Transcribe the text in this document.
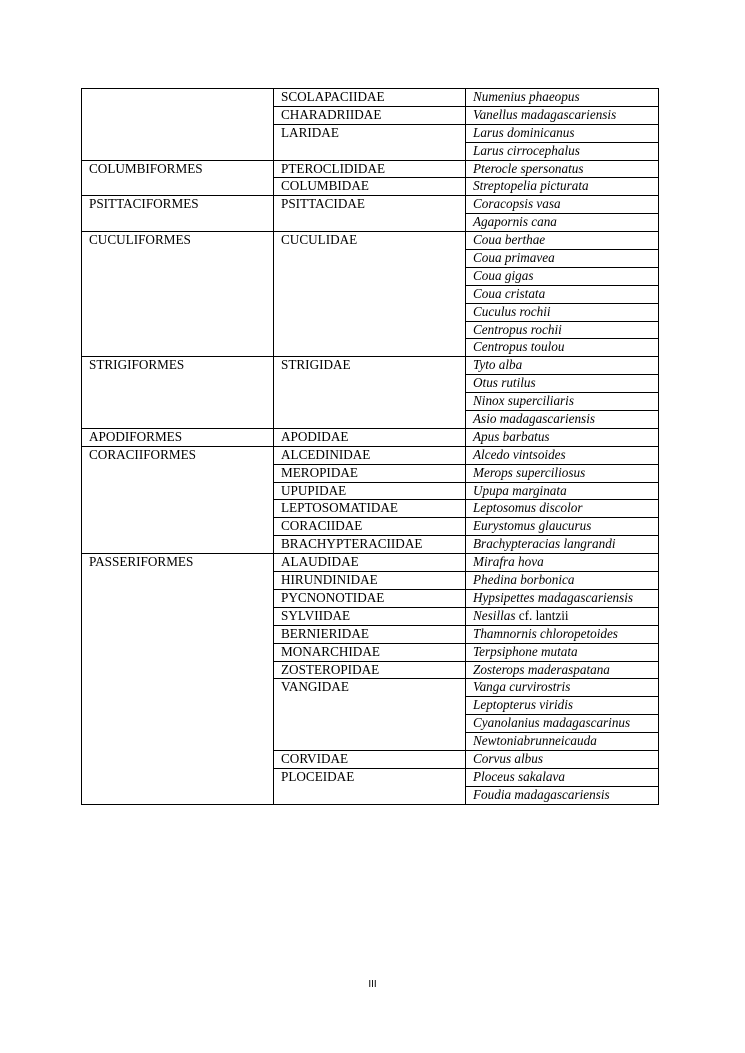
	SCOLAPACIIDAE	Numenius phaeopus
	CHARADRIIDAE	Vanellus madagascariensis
	LARIDAE	Larus dominicanus
		Larus cirrocephalus
COLUMBIFORMES	PTEROCLIDIDAE	Pterocle spersonatus
	COLUMBIDAE	Streptopelia picturata
PSITTACIFORMES	PSITTACIDAE	Coracopsis vasa
		Agapornis cana
CUCULIFORMES	CUCULIDAE	Coua berthae
		Coua primavea
		Coua gigas
		Coua cristata
		Cuculus rochii
		Centropus rochii
		Centropus toulou
STRIGIFORMES	STRIGIDAE	Tyto alba
		Otus rutilus
		Ninox superciliaris
		Asio madagascariensis
APODIFORMES	APODIDAE	Apus barbatus
CORACIIFORMES	ALCEDINIDAE	Alcedo vintsoides
	MEROPIDAE	Merops superciliosus
	UPUPIDAE	Upupa marginata
	LEPTOSOMATIDAE	Leptosomus discolor
	CORACIIDAE	Eurystomus glaucurus
	BRACHYPTERACIIDAE	Brachypteracias langrandi
PASSERIFORMES	ALAUDIDAE	Mirafra hova
	HIRUNDINIDAE	Phedina borbonica
	PYCNONOTIDAE	Hypsipettes madagascariensis
	SYLVIIDAE	Nesillas cf. lantzii
	BERNIERIDAE	Thamnornis chloropetoides
	MONARCHIDAE	Terpsiphone mutata
	ZOSTEROPIDAE	Zosterops maderaspatana
	VANGIDAE	Vanga curvirostris
		Leptopterus viridis
		Cyanolanius madagascarinus
		Newtoniabrunneicauda
	CORVIDAE	Corvus albus
	PLOCEIDAE	Ploceus sakalava
		Foudia madagascariensis
III
